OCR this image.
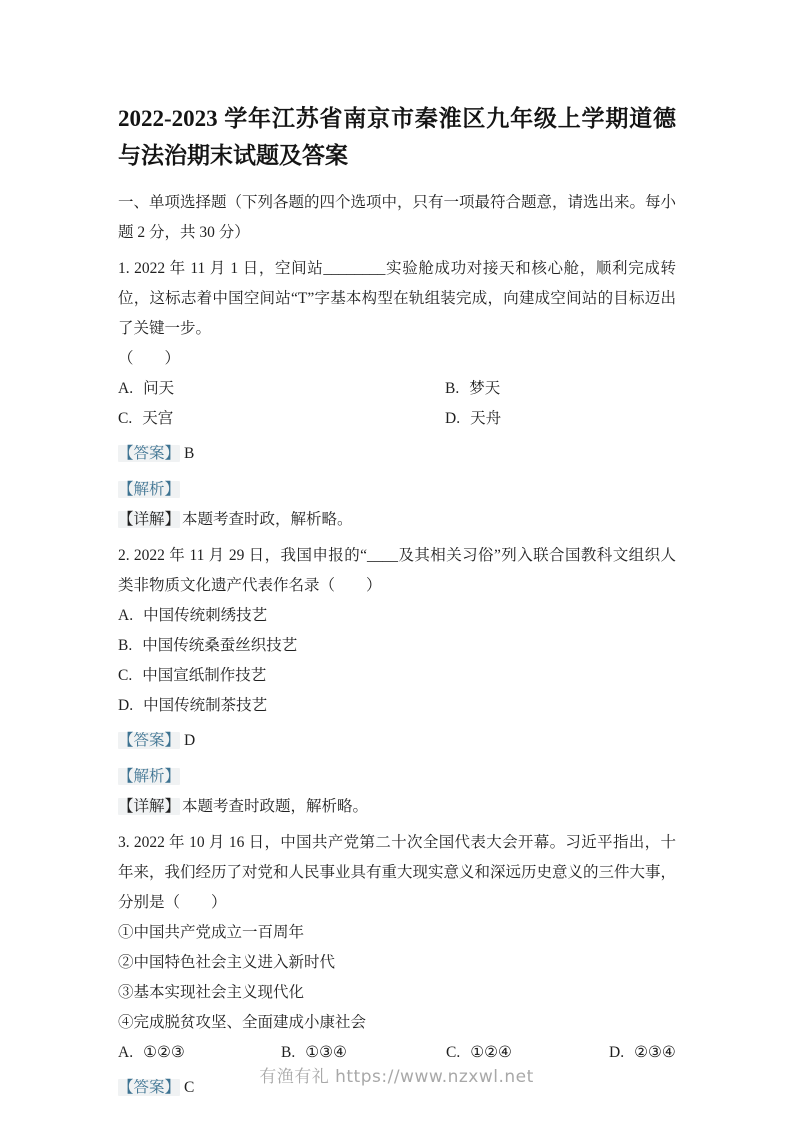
2022-2023 学年江苏省南京市秦淮区九年级上学期道德与法治期末试题及答案

一、单项选择题（下列各题的四个选项中，只有一项最符合题意，请选出来。每小题 2 分，共 30 分）

1. 2022 年 11 月 1 日，空间站________实验舱成功对接天和核心舱，顺利完成转位，这标志着中国空间站“T”字基本构型在轨组装完成，向建成空间站的目标迈出了关键一步。

（　　）

A. 问天	B. 梦天

C. 天宫	D. 天舟

【答案】 B

【解析】

【详解】 本题考查时政，解析略。

2. 2022 年 11 月 29 日，我国申报的“____及其相关习俗”列入联合国教科文组织人类非物质文化遗产代表作名录（　　）

A. 中国传统刺绣技艺

B. 中国传统桑蚕丝织技艺

C. 中国宣纸制作技艺

D. 中国传统制茶技艺

【答案】 D

【解析】

【详解】 本题考查时政题，解析略。

3. 2022 年 10 月 16 日，中国共产党第二十次全国代表大会开幕。习近平指出，十年来，我们经历了对党和人民事业具有重大现实意义和深远历史意义的三件大事，分别是（　　）

①中国共产党成立一百周年

②中国特色社会主义进入新时代

③基本实现社会主义现代化

④完成脱贫攻坚、全面建成小康社会

A. ①②③	B. ①③④	C. ①②④	D. ②③④

【答案】 C

有渔有礼 https://www.nzxwl.net
